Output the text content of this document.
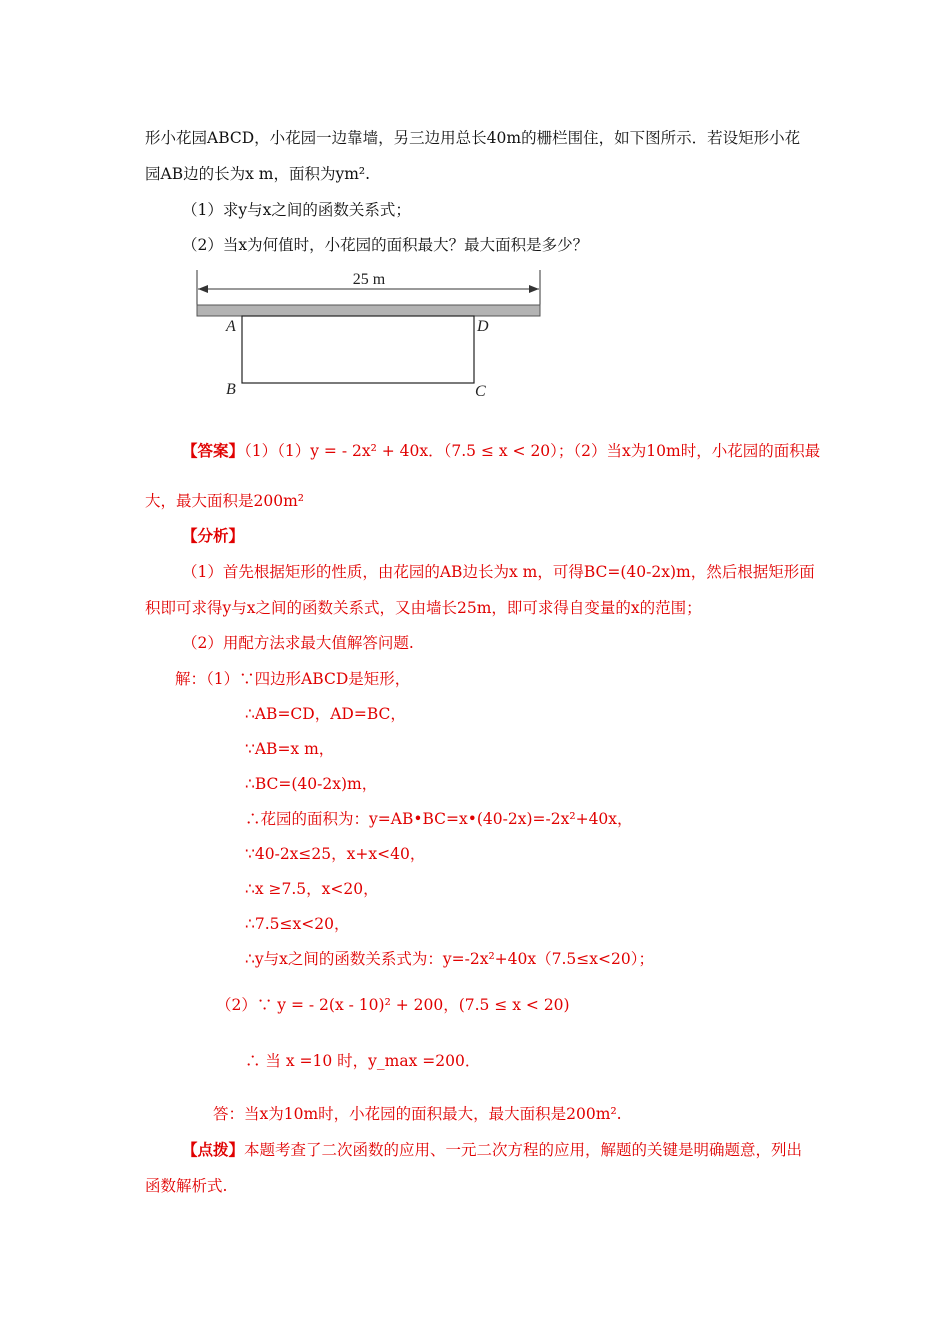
形小花园ABCD，小花园一边靠墙，另三边用总长40m的栅栏围住，如下图所示．若设矩形小花
园AB边的长为x m，面积为ym².
（1）求y与x之间的函数关系式；
（2）当x为何值时，小花园的面积最大？最大面积是多少？
25 m
A	D
B	C
【答案】（1）（1）y = - 2x² + 40x．（7.5 ≤ x < 20）；（2）当x为10m时，小花园的面积最
大，最大面积是200m²
【分析】
（1）首先根据矩形的性质，由花园的AB边长为x m，可得BC=(40-2x)m，然后根据矩形面
积即可求得y与x之间的函数关系式，又由墙长25m，即可求得自变量的x的范围；
（2）用配方法求最大值解答问题.
解：（1）∵四边形ABCD是矩形，
∴AB=CD，AD=BC，
∵AB=x m，
∴BC=(40-2x)m，
∴花园的面积为：y=AB•BC=x•(40-2x)=-2x²+40x，
∵40-2x≤25，x+x<40，
∴x ≥7.5，x<20，
∴7.5≤x<20，
∴y与x之间的函数关系式为：y=-2x²+40x（7.5≤x<20）；
（2）∵ y = - 2(x - 10)² + 200，(7.5 ≤ x < 20)
∴ 当 x =10 时，y_max =200．
答：当x为10m时，小花园的面积最大，最大面积是200m².
【点拨】本题考查了二次函数的应用、一元二次方程的应用，解题的关键是明确题意，列出
函数解析式.
